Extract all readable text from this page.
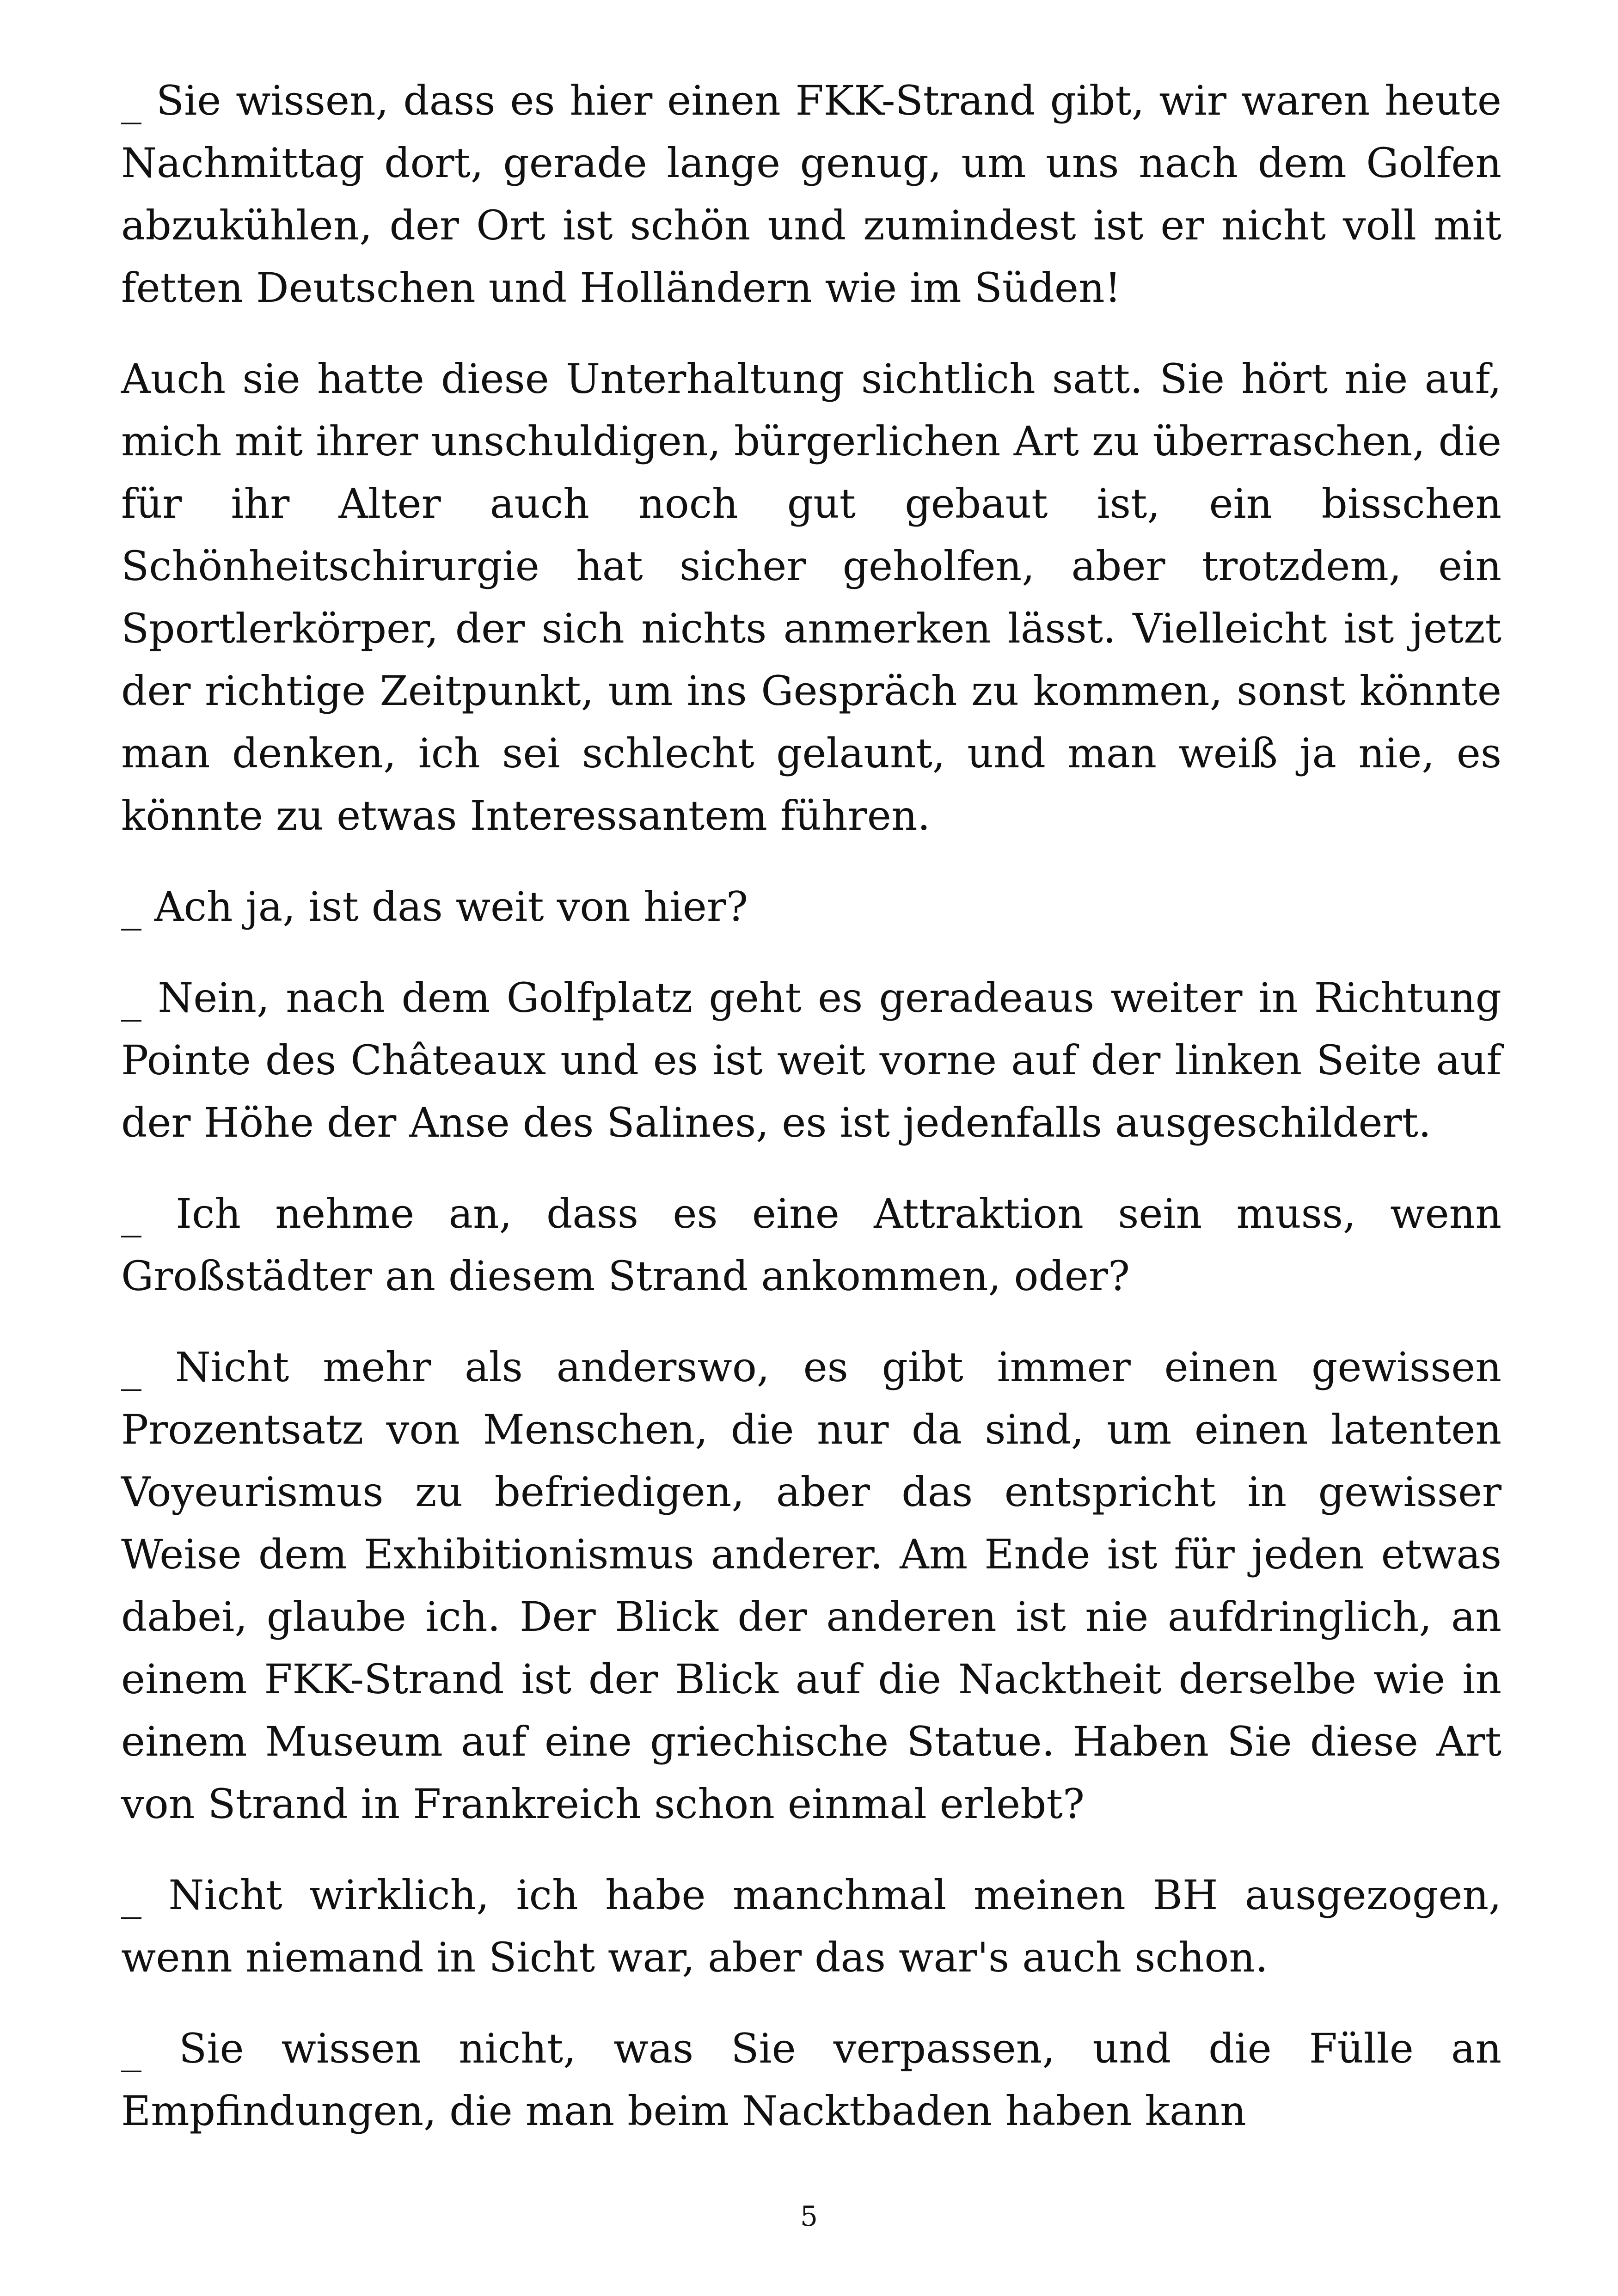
_ Sie wissen, dass es hier einen FKK-Strand gibt, wir waren heute Nachmittag dort, gerade lange genug, um uns nach dem Golfen abzukühlen, der Ort ist schön und zumindest ist er nicht voll mit fetten Deutschen und Holländern wie im Süden!

Auch sie hatte diese Unterhaltung sichtlich satt. Sie hört nie auf, mich mit ihrer unschuldigen, bürgerlichen Art zu überraschen, die für ihr Alter auch noch gut gebaut ist, ein bisschen Schönheitschirurgie hat sicher geholfen, aber trotzdem, ein Sportlerkörper, der sich nichts anmerken lässt. Vielleicht ist jetzt der richtige Zeitpunkt, um ins Gespräch zu kommen, sonst könnte man denken, ich sei schlecht gelaunt, und man weiß ja nie, es könnte zu etwas Interessantem führen.

_ Ach ja, ist das weit von hier?

_ Nein, nach dem Golfplatz geht es geradeaus weiter in Richtung Pointe des Châteaux und es ist weit vorne auf der linken Seite auf der Höhe der Anse des Salines, es ist jedenfalls ausgeschildert.

_ Ich nehme an, dass es eine Attraktion sein muss, wenn Großstädter an diesem Strand ankommen, oder?

_ Nicht mehr als anderswo, es gibt immer einen gewissen Prozentsatz von Menschen, die nur da sind, um einen latenten Voyeurismus zu befriedigen, aber das entspricht in gewisser Weise dem Exhibitionismus anderer. Am Ende ist für jeden etwas dabei, glaube ich. Der Blick der anderen ist nie aufdringlich, an einem FKK-Strand ist der Blick auf die Nacktheit derselbe wie in einem Museum auf eine griechische Statue. Haben Sie diese Art von Strand in Frankreich schon einmal erlebt?

_ Nicht wirklich, ich habe manchmal meinen BH ausgezogen, wenn niemand in Sicht war, aber das war's auch schon.

_ Sie wissen nicht, was Sie verpassen, und die Fülle an Empfindungen, die man beim Nacktbaden haben kann

5
